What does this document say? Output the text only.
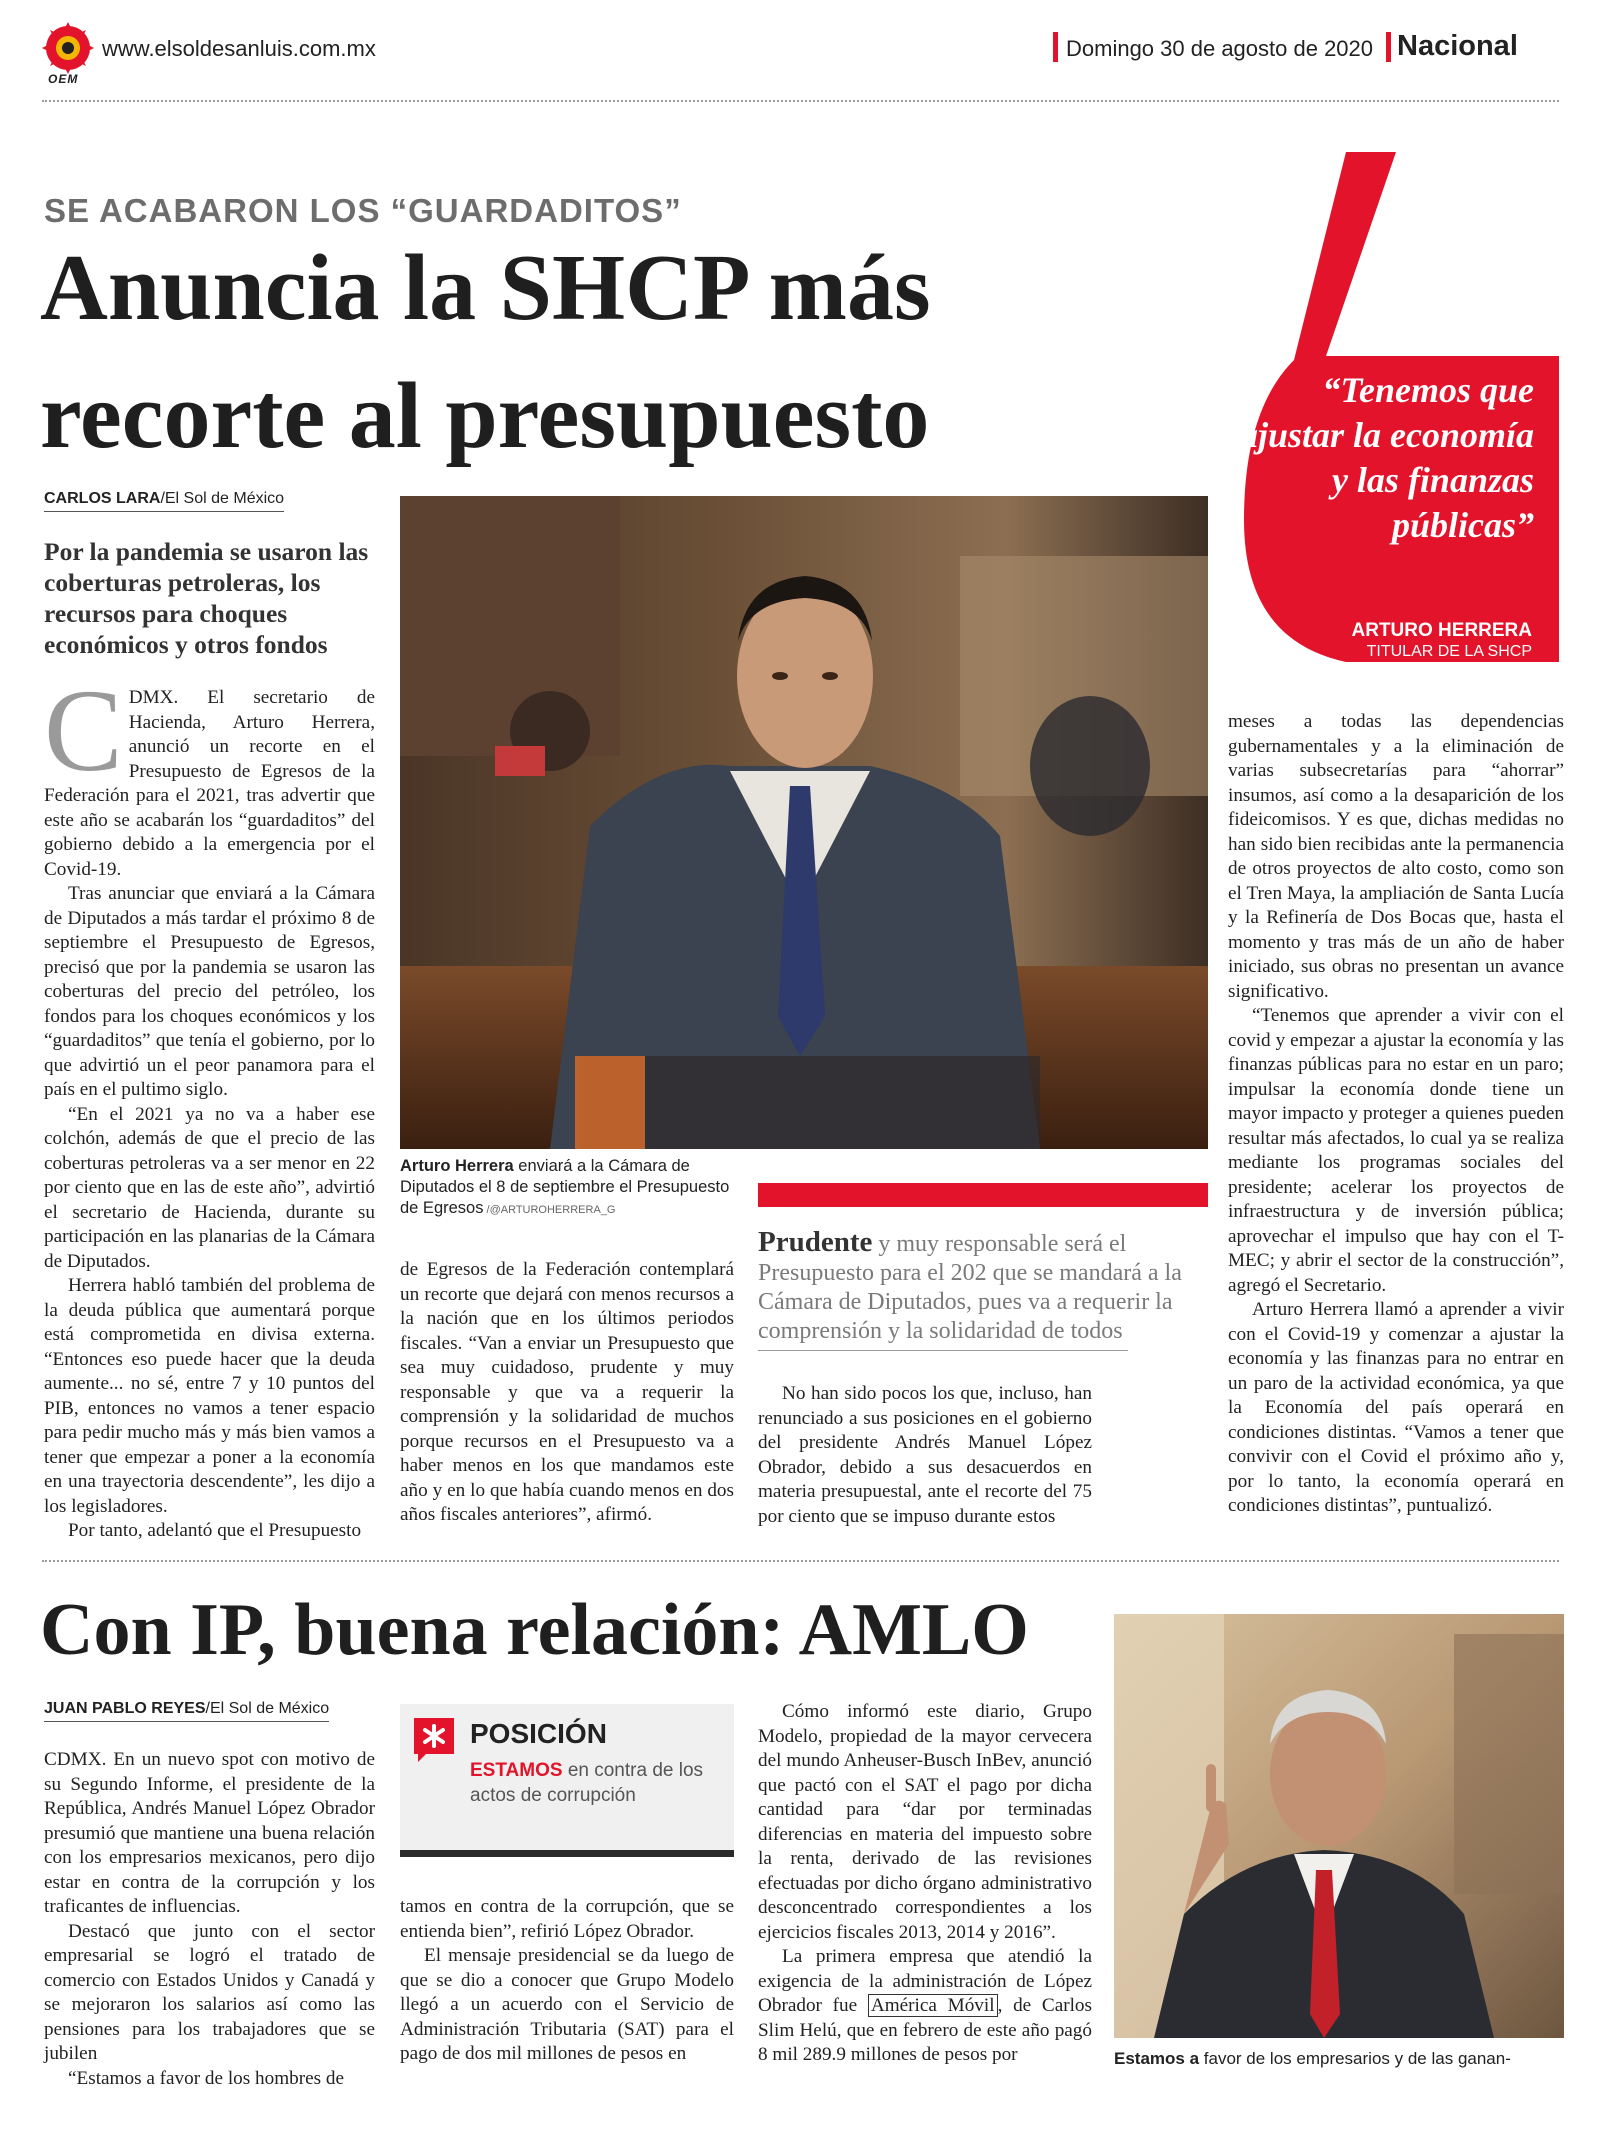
OEM
www.elsoldesanluis.com.mx	Domingo 30 de agosto de 2020 Nacional
SE ACABARON LOS “GUARDADITOS”
Anuncia la SHCP más
recorte al presupuesto
CARLOS LARA/El Sol de México
Por la pandemia se usaron las coberturas petroleras, los recursos para choques económicos y otros fondos

CDMX. El secretario de Hacienda, Arturo Herrera, anunció un recorte en el Presupuesto de Egresos de la Federación para el 2021, tras advertir que este año se acabarán los “guardaditos” del gobierno debido a la emergencia por el Covid-19.

Tras anunciar que enviará a la Cámara de Diputados a más tardar el próximo 8 de septiembre el Presupuesto de Egresos, precisó que por la pandemia se usaron las coberturas del precio del petróleo, los fondos para los choques económicos y los “guardaditos” que tenía el gobierno, por lo que advirtió un el peor panamora para el país en el pultimo siglo.

“En el 2021 ya no va a haber ese colchón, además de que el precio de las coberturas petroleras va a ser menor en 22 por ciento que en las de este año”, advirtió el secretario de Hacienda, durante su participación en las planarias de la Cámara de Diputados.

Herrera habló también del problema de la deuda pública que aumentará porque está comprometida en divisa externa. “Entonces eso puede hacer que la deuda aumente... no sé, entre 7 y 10 puntos del PIB, entonces no vamos a tener espacio para pedir mucho más y más bien vamos a tener que empezar a poner a la economía en una trayectoria descendente”, les dijo a los legisladores.

Por tanto, adelantó que el Presupuesto

Arturo Herrera enviará a la Cámara de Diputados el 8 de septiembre el Presupuesto de Egresos /@ARTUROHERRERA_G
Prudente y muy responsable será el Presupuesto para el 202 que se mandará a la Cámara de Diputados, pues va a requerir la comprensión y la solidaridad de todos

de Egresos de la Federación contemplará un recorte que dejará con menos recursos a la nación que en los últimos periodos fiscales. “Van a enviar un Presupuesto que sea muy cuidadoso, prudente y muy responsable y que va a requerir la comprensión y la solidaridad de muchos porque recursos en el Presupuesto va a haber menos en los que mandamos este año y en lo que había cuando menos en dos años fiscales anteriores”, afirmó.

No han sido pocos los que, incluso, han renunciado a sus posiciones en el gobierno del presidente Andrés Manuel López Obrador, debido a sus desacuerdos en materia presupuestal, ante el recorte del 75 por ciento que se impuso durante estos

“Tenemos que ajustar la economía y las finanzas públicas”
ARTURO HERRERA
TITULAR DE LA SHCP

meses a todas las dependencias gubernamentales y a la eliminación de varias subsecretarías para “ahorrar” insumos, así como a la desaparición de los fideicomisos. Y es que, dichas medidas no han sido bien recibidas ante la permanencia de otros proyectos de alto costo, como son el Tren Maya, la ampliación de Santa Lucía y la Refinería de Dos Bocas que, hasta el momento y tras más de un año de haber iniciado, sus obras no presentan un avance significativo.

“Tenemos que aprender a vivir con el covid y empezar a ajustar la economía y las finanzas públicas para no estar en un paro; impulsar la economía donde tiene un mayor impacto y proteger a quienes pueden resultar más afectados, lo cual ya se realiza mediante los programas sociales del presidente; acelerar los proyectos de infraestructura y de inversión pública; aprovechar el impulso que hay con el T-MEC; y abrir el sector de la construcción”, agregó el Secretario.

Arturo Herrera llamó a aprender a vivir con el Covid-19 y comenzar a ajustar la economía y las finanzas para no entrar en un paro de la actividad económica, ya que la Economía del país operará en condiciones distintas. “Vamos a tener que convivir con el Covid el próximo año y, por lo tanto, la economía operará en condiciones distintas”, puntualizó.

Con IP, buena relación: AMLO
JUAN PABLO REYES/El Sol de México

CDMX. En un nuevo spot con motivo de su Segundo Informe, el presidente de la República, Andrés Manuel López Obrador presumió que mantiene una buena relación con los empresarios mexicanos, pero dijo estar en contra de la corrupción y los traficantes de influencias.

Destacó que junto con el sector empresarial se logró el tratado de comercio con Estados Unidos y Canadá y se mejoraron los salarios así como las pensiones para los trabajadores que se jubilen

“Estamos a favor de los hombres de

POSICIÓN
ESTAMOS en contra de los actos de corrupción

tamos en contra de la corrupción, que se entienda bien”, refirió López Obrador.

El mensaje presidencial se da luego de que se dio a conocer que Grupo Modelo llegó a un acuerdo con el Servicio de Administración Tributaria (SAT) para el pago de dos mil millones de pesos en

Cómo informó este diario, Grupo Modelo, propiedad de la mayor cervecera del mundo Anheuser-Busch InBev, anunció que pactó con el SAT el pago por dicha cantidad para “dar por terminadas diferencias en materia del impuesto sobre la renta, derivado de las revisiones efectuadas por dicho órgano administrativo desconcentrado correspondientes a los ejercicios fiscales 2013, 2014 y 2016”.

La primera empresa que atendió la exigencia de la administración de López Obrador fue América Móvil , de Carlos Slim Helú, que en febrero de este año pagó 8 mil 289.9 millones de pesos por	Estamos a favor de los empresarios y de las ganan-
